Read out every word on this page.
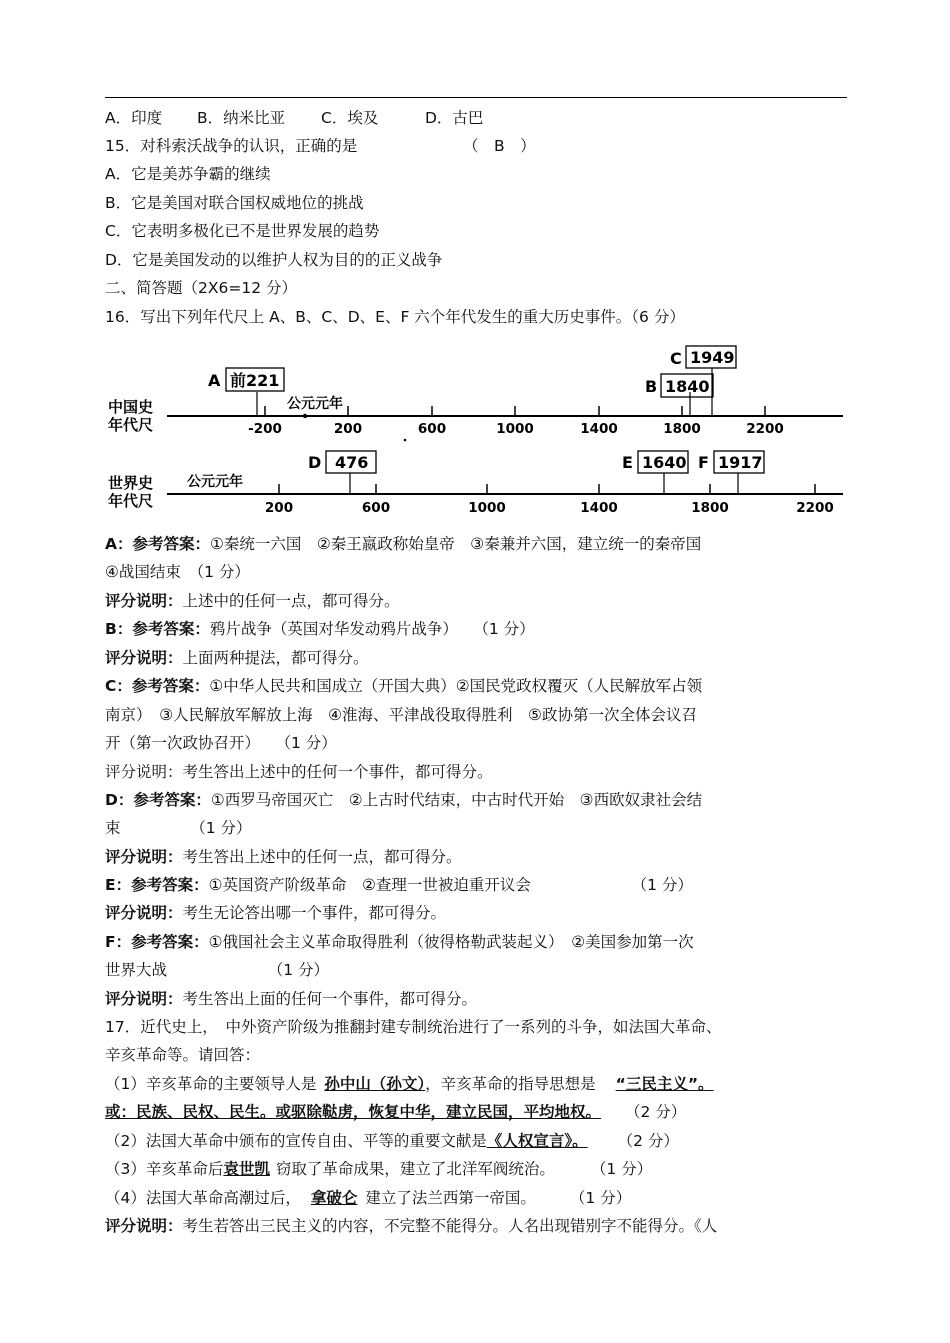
A．印度 B．纳米比亚 C．埃及	D．古巴
15．对科索沃战争的认识，正确的是	（　B　）
A．它是美苏争霸的继续
B．它是美国对联合国权威地位的挑战
C．它表明多极化已不是世界发展的趋势
D．它是美国发动的以维护人权为目的的正义战争
二、简答题（2X6=12 分）
16．写出下列年代尺上 A、B、C、D、E、F 六个年代发生的重大历史事件。（6 分）
中国史
年代尺	-200	200	600	1000	1400	1800	2200
公元元年
A 前221	B 1840
C 1949
世界史
年代尺	200	600	1000	1400	1800	2200
公元元年
D 476	E 1640 F 1917
A：参考答案：①秦统一六国　②秦王嬴政称始皇帝　③秦兼并六国，建立统一的秦帝国
④战国结束　（1 分）
评分说明：上述中的任何一点，都可得分。
B：参考答案：鸦片战争（英国对华发动鸦片战争）　　（1 分）
评分说明：上面两种提法，都可得分。
C：参考答案：①中华人民共和国成立（开国大典）②国民党政权覆灭（人民解放军占领
南京）　③人民解放军解放上海　④淮海、平津战役取得胜利　⑤政协第一次全体会议召
开（第一次政协召开）　　（1 分）
评分说明：考生答出上述中的任何一个事件，都可得分。
D：参考答案：①西罗马帝国灭亡　②上古时代结束，中古时代开始　③西欧奴隶社会结
束　　　　　（1 分）
评分说明：考生答出上述中的任何一点，都可得分。
E：参考答案：①英国资产阶级革命　②查理一世被迫重开议会　　　　　　　（1 分）
评分说明：考生无论答出哪一个事件，都可得分。
F：参考答案：①俄国社会主义革命取得胜利（彼得格勒武装起义）　②美国参加第一次
世界大战　　　　　　　（1 分）
评分说明：考生答出上面的任何一个事件，都可得分。
17．近代史上，　中外资产阶级为推翻封建专制统治进行了一系列的斗争，如法国大革命、
辛亥革命等。请回答：
（1）辛亥革命的主要领导人是 孙中山（孙文），辛亥革命的指导思想是 “三民主义”。
或：民族、民权、民生。或驱除鞑虏，恢复中华，建立民国，平均地权。 （2 分）
（2）法国大革命中颁布的宣传自由、平等的重要文献是《人权宣言》。 （2 分）
（3）辛亥革命后袁世凯 窃取了革命成果，建立了北洋军阀统治。 （1 分）
（4）法国大革命高潮过后， 拿破仑 建立了法兰西第一帝国。 （1 分）
评分说明：考生若答出三民主义的内容，不完整不能得分。人名出现错别字不能得分。《人
